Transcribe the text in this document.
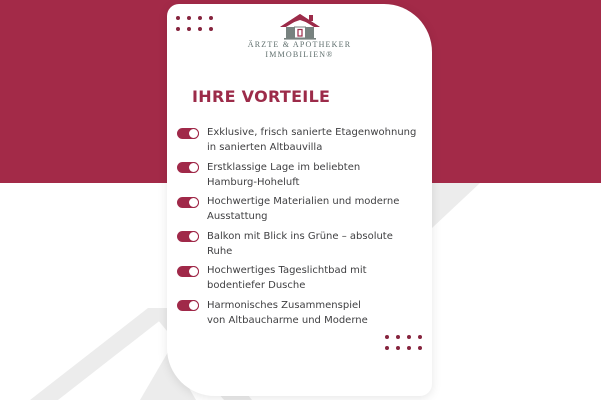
ÄRZTE & APOTHEKER
IMMOBILIEN®
IHRE VORTEILE
Exklusive, frisch sanierte Etagenwohnung
in sanierten Altbauvilla
Erstklassige Lage im beliebten
Hamburg-Hoheluft
Hochwertige Materialien und moderne
Ausstattung
Balkon mit Blick ins Grüne – absolute
Ruhe
Hochwertiges Tageslichtbad mit
bodentiefer Dusche
Harmonisches Zusammenspiel
von Altbaucharme und Moderne
